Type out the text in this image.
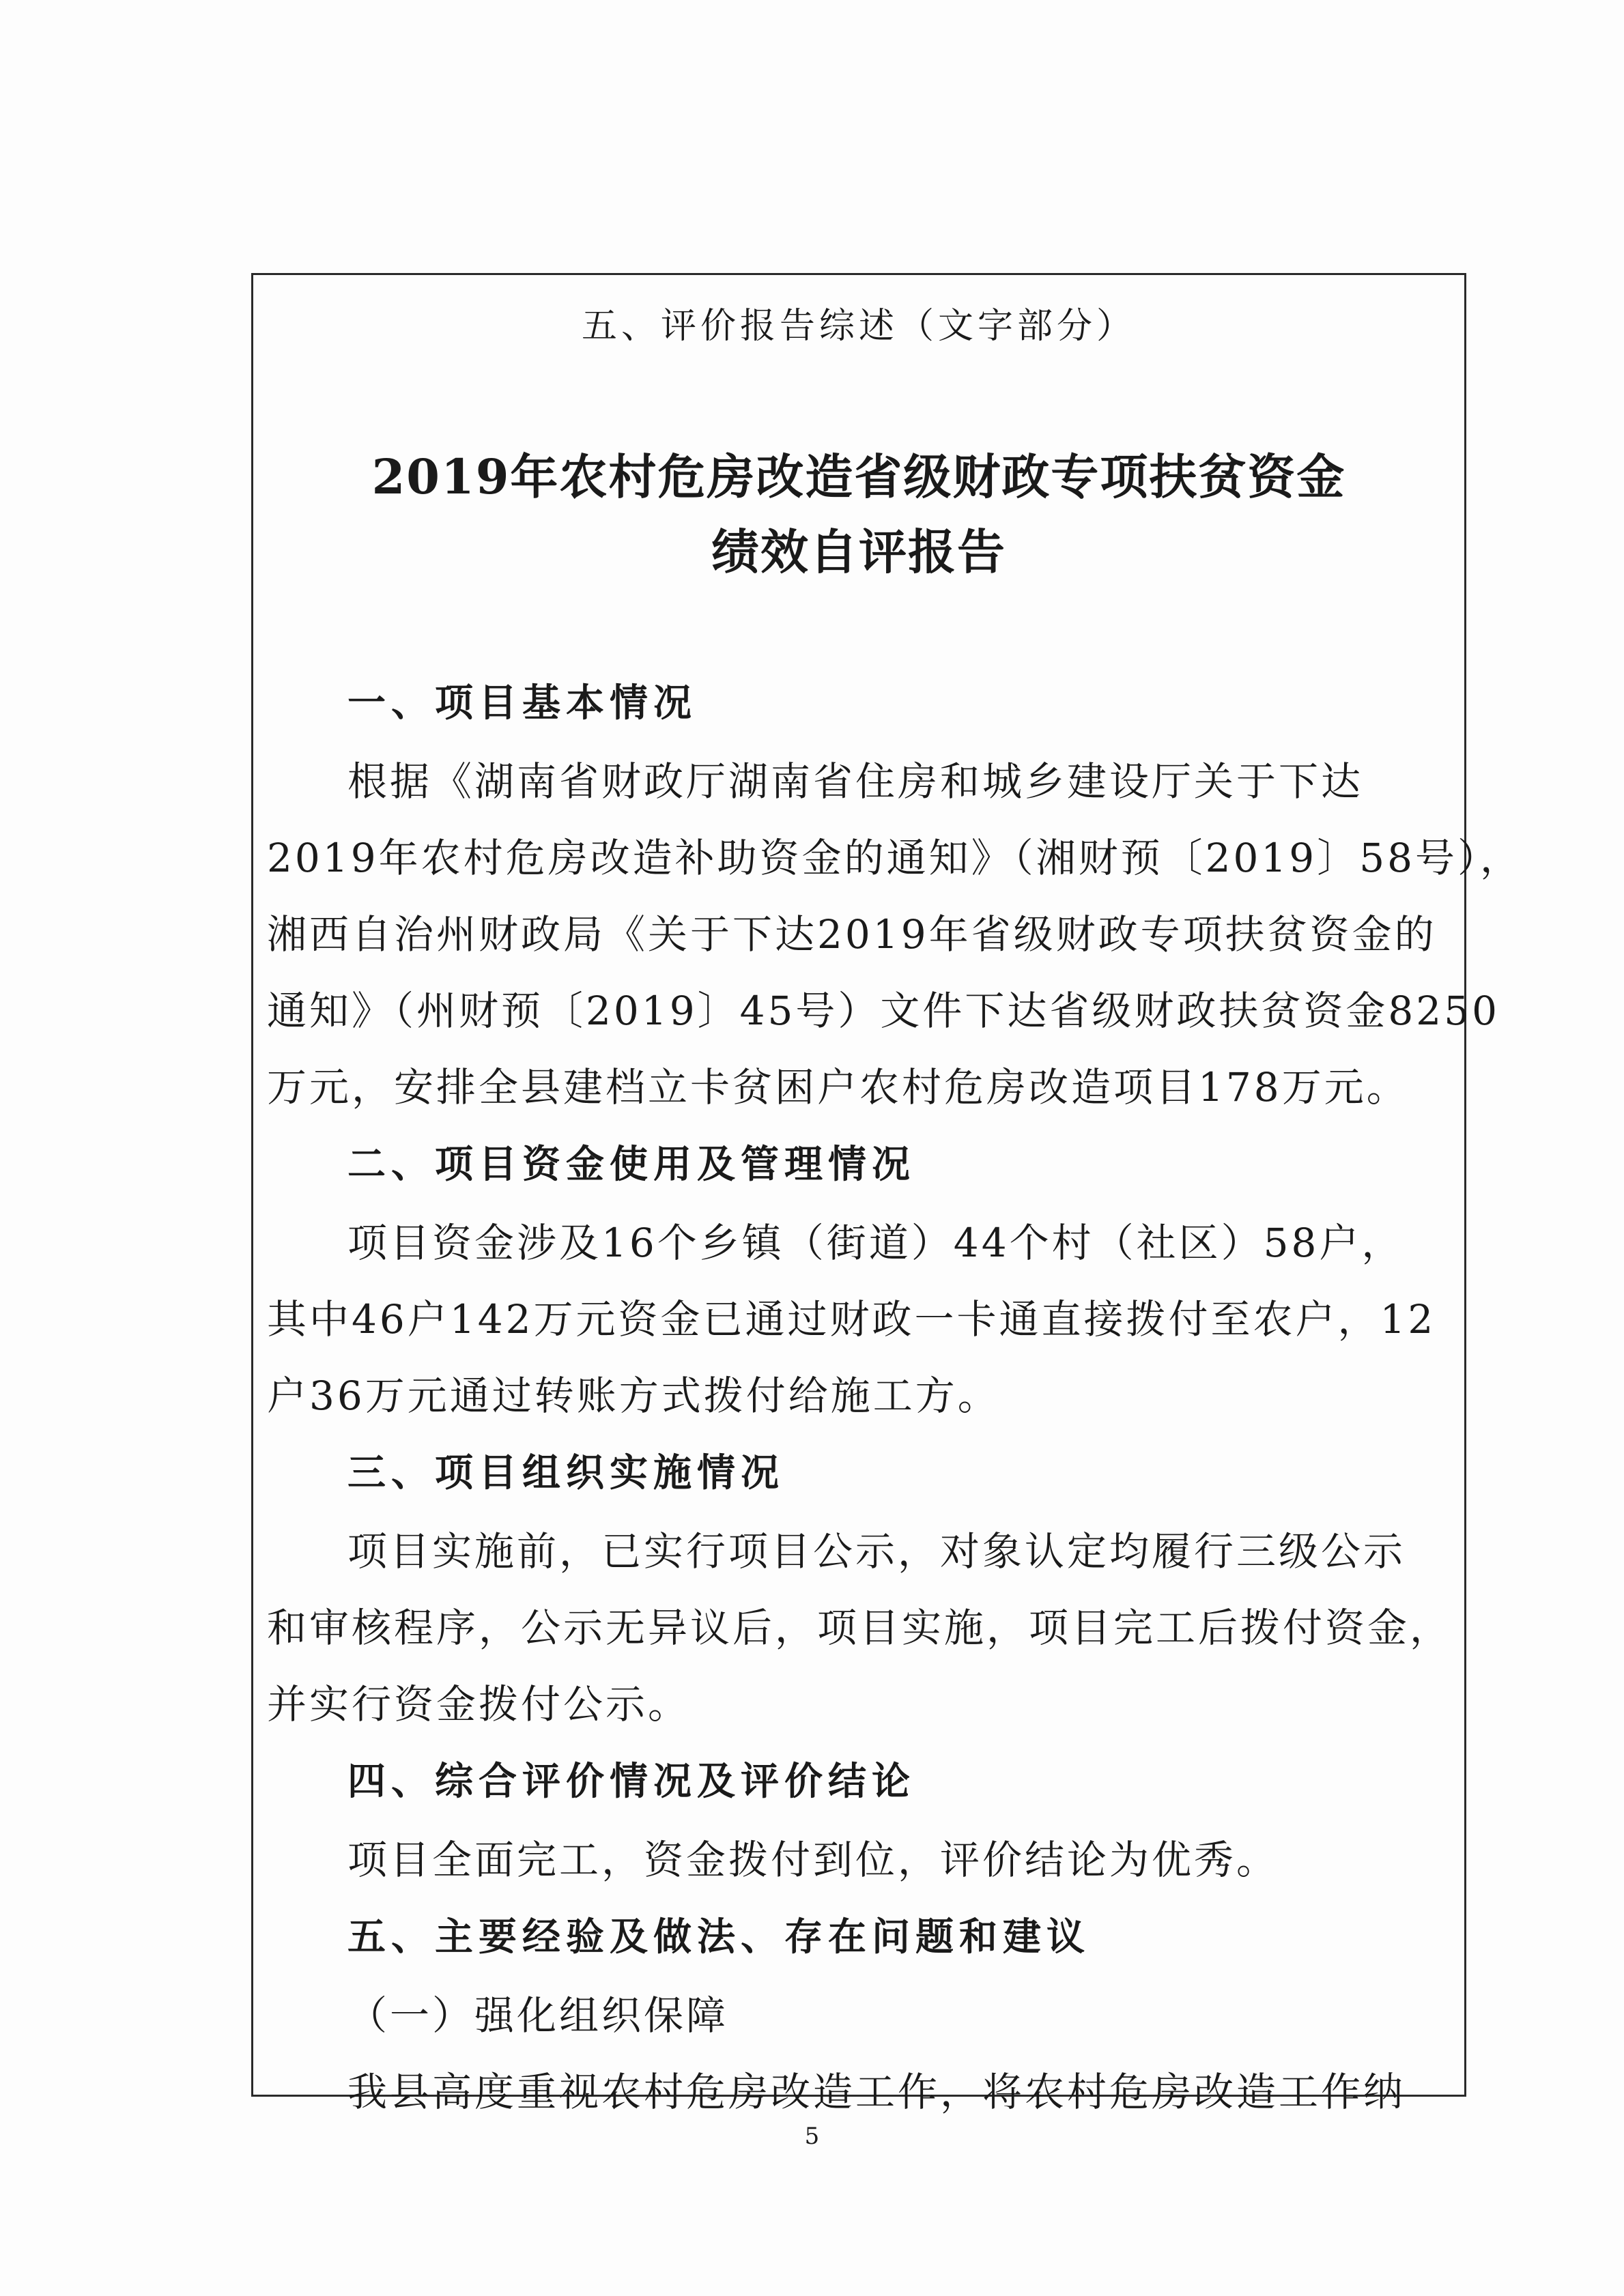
五、评价报告综述（文字部分）
2019年农村危房改造省级财政专项扶贫资金
绩效自评报告
一、项目基本情况
根据《湖南省财政厅湖南省住房和城乡建设厅关于下达
2019年农村危房改造补助资金的通知》（湘财预〔2019〕58号），
湘西自治州财政局《关于下达2019年省级财政专项扶贫资金的
通知》（州财预〔2019〕45号）文件下达省级财政扶贫资金8250
万元，安排全县建档立卡贫困户农村危房改造项目178万元。
二、项目资金使用及管理情况
项目资金涉及16个乡镇（街道）44个村（社区）58户，
其中46户142万元资金已通过财政一卡通直接拨付至农户，12
户36万元通过转账方式拨付给施工方。
三、项目组织实施情况
项目实施前，已实行项目公示，对象认定均履行三级公示
和审核程序，公示无异议后，项目实施，项目完工后拨付资金，
并实行资金拨付公示。
四、综合评价情况及评价结论
项目全面完工，资金拨付到位，评价结论为优秀。
五、主要经验及做法、存在问题和建议
（一）强化组织保障
我县高度重视农村危房改造工作，将农村危房改造工作纳
5
